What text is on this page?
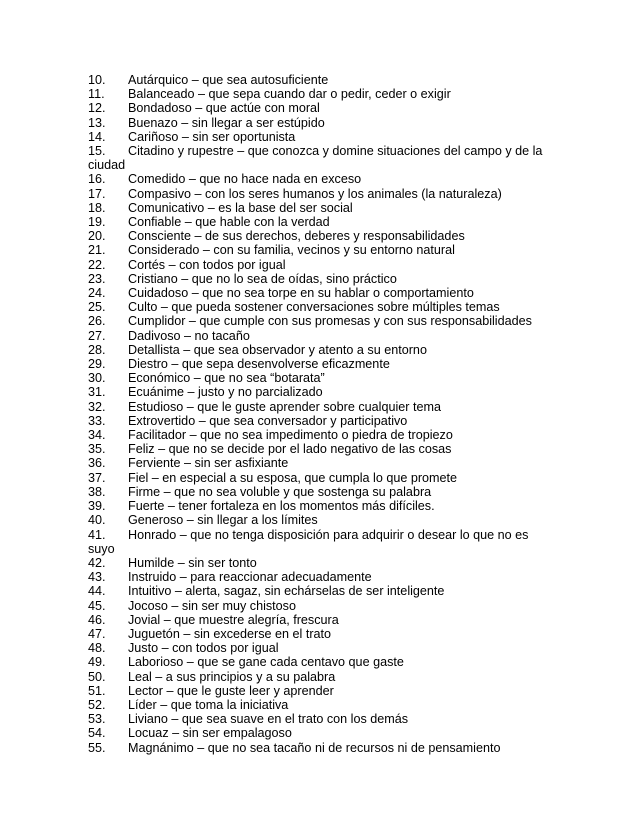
10.	Autárquico – que sea autosuficiente
11.	Balanceado – que sepa cuando dar o pedir, ceder o exigir
12.	Bondadoso – que actúe con moral
13.	Buenazo – sin llegar a ser estúpido
14.	Cariñoso – sin ser oportunista
15.	Citadino y rupestre – que conozca y domine situaciones del campo y de la
ciudad
16.	Comedido – que no hace nada en exceso
17.	Compasivo – con los seres humanos y los animales (la naturaleza)
18.	Comunicativo – es la base del ser social
19.	Confiable – que hable con la verdad
20.	Consciente – de sus derechos, deberes y responsabilidades
21.	Considerado – con su familia, vecinos y su entorno natural
22.	Cortés – con todos por igual
23.	Cristiano – que no lo sea de oídas, sino práctico
24.	Cuidadoso – que no sea torpe en su hablar o comportamiento
25.	Culto – que pueda sostener conversaciones sobre múltiples temas
26.	Cumplidor – que cumple con sus promesas y con sus responsabilidades
27.	Dadivoso – no tacaño
28.	Detallista – que sea observador y atento a su entorno
29.	Diestro – que sepa desenvolverse eficazmente
30.	Económico – que no sea “botarata”
31.	Ecuánime – justo y no parcializado
32.	Estudioso – que le guste aprender sobre cualquier tema
33.	Extrovertido – que sea conversador y participativo
34.	Facilitador – que no sea impedimento o piedra de tropiezo
35.	Feliz – que no se decide por el lado negativo de las cosas
36.	Ferviente – sin ser asfixiante
37.	Fiel – en especial a su esposa, que cumpla lo que promete
38.	Firme – que no sea voluble y que sostenga su palabra
39.	Fuerte – tener fortaleza en los momentos más difíciles.
40.	Generoso – sin llegar a los límites
41.	Honrado – que no tenga disposición para adquirir o desear lo que no es
suyo
42.	Humilde – sin ser tonto
43.	Instruido – para reaccionar adecuadamente
44.	Intuitivo – alerta, sagaz, sin echárselas de ser inteligente
45.	Jocoso – sin ser muy chistoso
46.	Jovial – que muestre alegría, frescura
47.	Juguetón – sin excederse en el trato
48.	Justo – con todos por igual
49.	Laborioso – que se gane cada centavo que gaste
50.	Leal – a sus principios y a su palabra
51.	Lector – que le guste leer y aprender
52.	Líder – que toma la iniciativa
53.	Liviano – que sea suave en el trato con los demás
54.	Locuaz – sin ser empalagoso
55.	Magnánimo – que no sea tacaño ni de recursos ni de pensamiento
